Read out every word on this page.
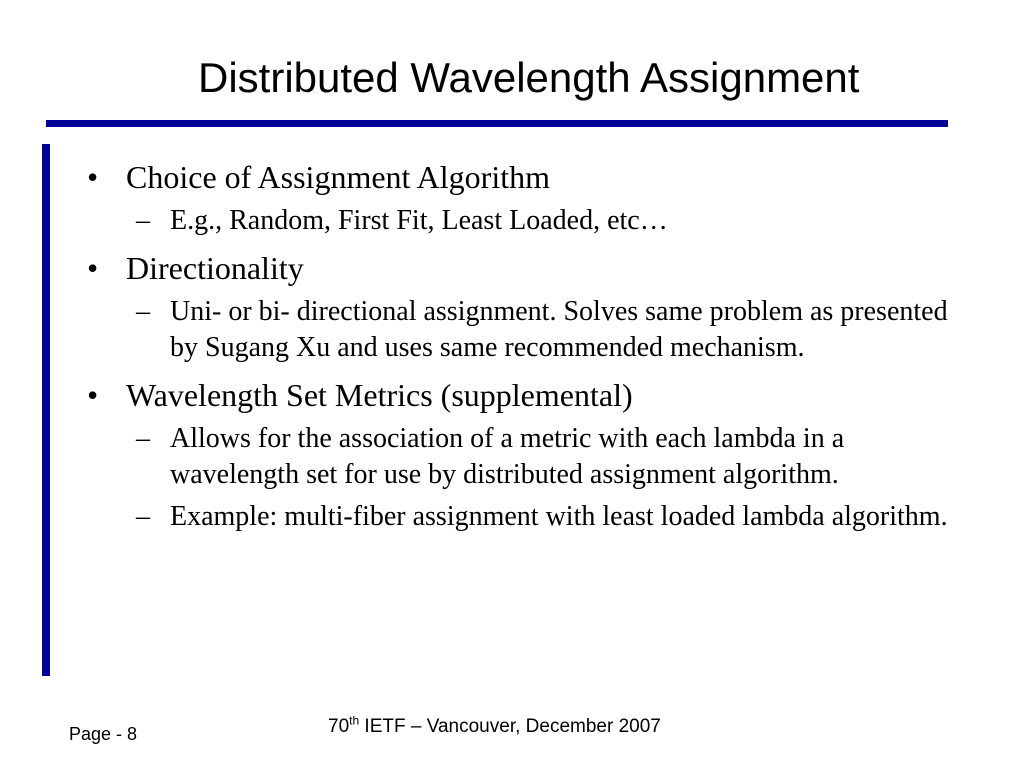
Distributed Wavelength Assignment
• Choice of Assignment Algorithm
– E.g., Random, First Fit, Least Loaded, etc…
• Directionality
– Uni- or bi- directional assignment. Solves same problem as presented by Sugang Xu and uses same recommended mechanism.
• Wavelength Set Metrics (supplemental)
– Allows for the association of a metric with each lambda in a wavelength set for use by distributed assignment algorithm.
– Example: multi-fiber assignment with least loaded lambda algorithm.
Page - 8	70th IETF – Vancouver, December 2007
